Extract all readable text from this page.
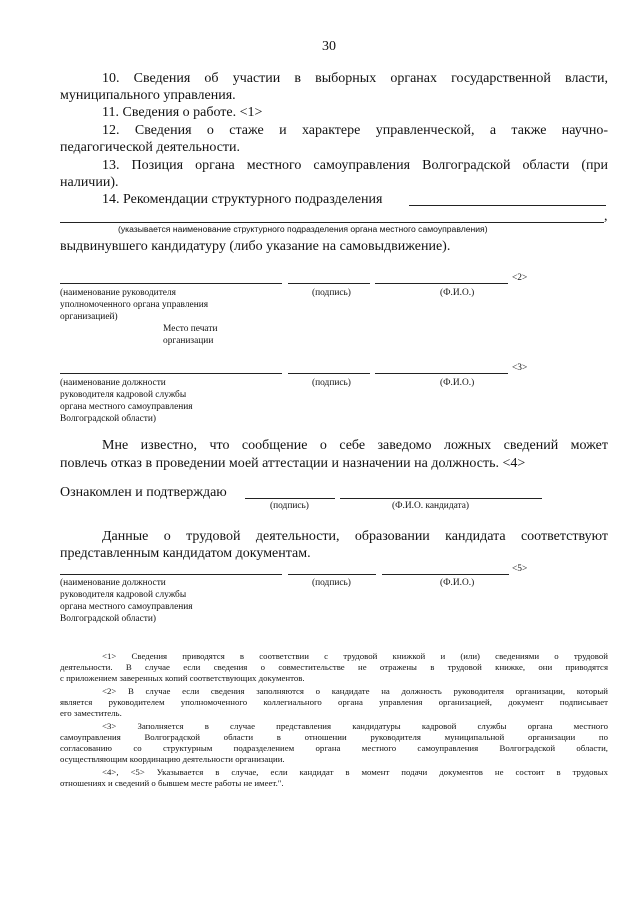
30
10. Сведения об участии в выборных органах государственной власти,
муниципального управления.
11. Сведения о работе. <1>
12. Сведения о стаже и характере управленческой, а также научно-
педагогической деятельности.
13. Позиция органа местного самоуправления Волгоградской области (при
наличии).
14. Рекомендации структурного подразделения
,
(указывается наименование структурного подразделения органа местного самоуправления)
выдвинувшего кандидатуру (либо указание на самовыдвижение).
<2>
(наименование руководителя
уполномоченного органа управления
организацией)
(подпись)	(Ф.И.О.)
Место печати
организации
<3>
(наименование должности
руководителя кадровой службы
органа местного самоуправления
Волгоградской области)
(подпись)	(Ф.И.О.)
Мне известно, что сообщение о себе заведомо ложных сведений может
повлечь отказ в проведении моей аттестации и назначении на должность. <4>
Ознакомлен и подтверждаю
(подпись)	(Ф.И.О. кандидата)
Данные о трудовой деятельности, образовании кандидата соответствуют
представленным кандидатом документам.
<5>
(наименование должности
руководителя кадровой службы
органа местного самоуправления
Волгоградской области)
(подпись)	(Ф.И.О.)
<1> Сведения приводятся в соответствии с трудовой книжкой и (или) сведениями о трудовой
деятельности. В случае если сведения о совместительстве не отражены в трудовой книжке, они приводятся
с приложением заверенных копий соответствующих документов.
<2> В случае если сведения заполняются о кандидате на должность руководителя организации, который
является руководителем уполномоченного коллегиального органа управления организацией, документ подписывает
его заместитель.
<3> Заполняется в случае представления кандидатуры кадровой службы органа местного
самоуправления Волгоградской области в отношении руководителя муниципальной организации по
согласованию со структурным подразделением органа местного самоуправления Волгоградской области,
осуществляющим координацию деятельности организации.
<4>, <5> Указывается в случае, если кандидат в момент подачи документов не состоит в трудовых
отношениях и сведений о бывшем месте работы не имеет.".
